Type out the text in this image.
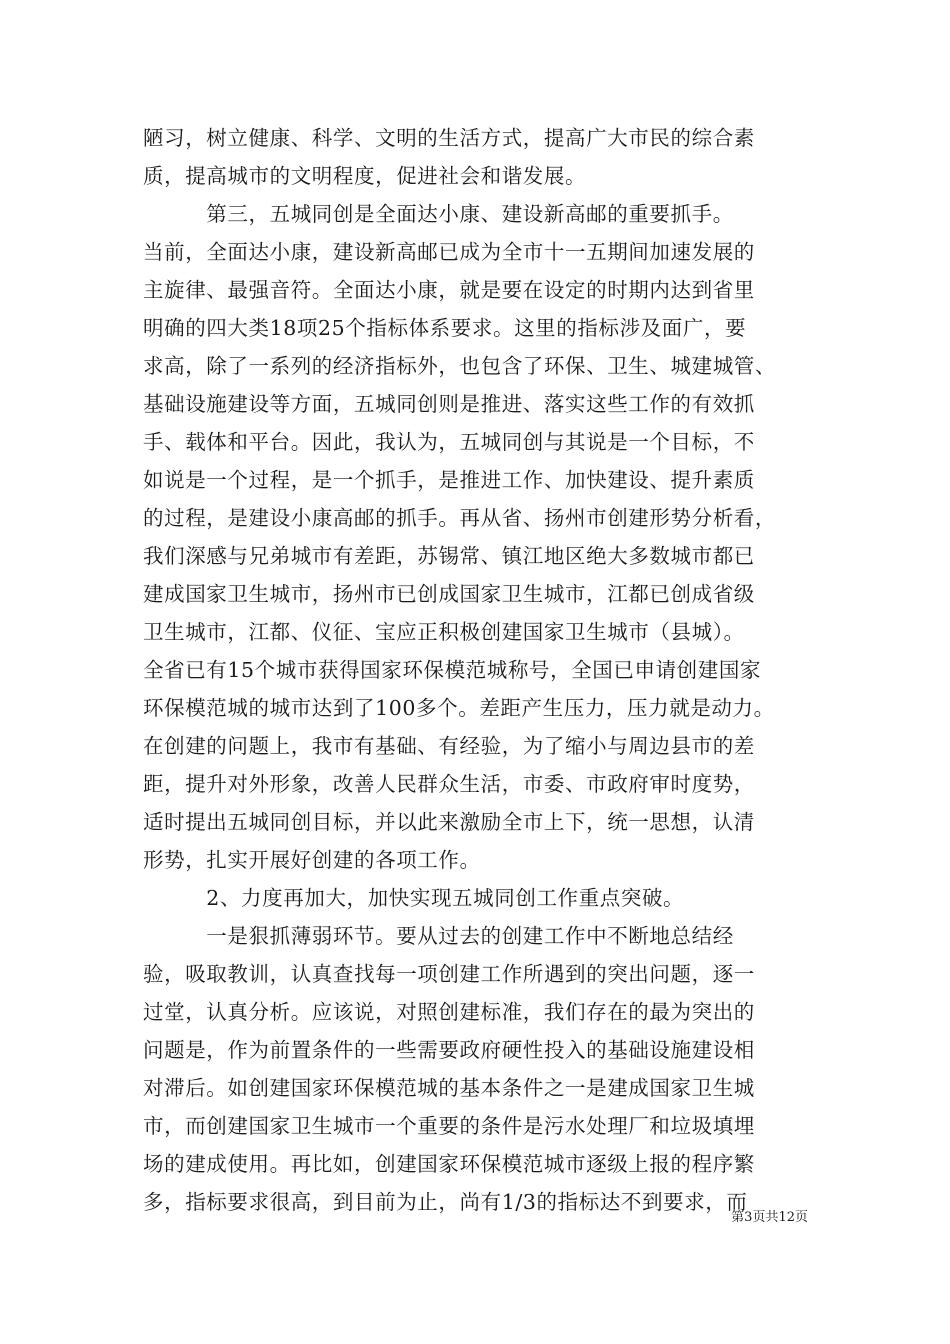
陋习，树立健康、科学、文明的生活方式，提高广大市民的综合素
质，提高城市的文明程度，促进社会和谐发展。
　　　第三，五城同创是全面达小康、建设新高邮的重要抓手。
当前，全面达小康，建设新高邮已成为全市十一五期间加速发展的
主旋律、最强音符。全面达小康，就是要在设定的时期内达到省里
明确的四大类18项25个指标体系要求。这里的指标涉及面广，要
求高，除了一系列的经济指标外，也包含了环保、卫生、城建城管、
基础设施建设等方面，五城同创则是推进、落实这些工作的有效抓
手、载体和平台。因此，我认为，五城同创与其说是一个目标，不
如说是一个过程，是一个抓手，是推进工作、加快建设、提升素质
的过程，是建设小康高邮的抓手。再从省、扬州市创建形势分析看，
我们深感与兄弟城市有差距，苏锡常、镇江地区绝大多数城市都已
建成国家卫生城市，扬州市已创成国家卫生城市，江都已创成省级
卫生城市，江都、仪征、宝应正积极创建国家卫生城市（县城）。
全省已有15个城市获得国家环保模范城称号，全国已申请创建国家
环保模范城的城市达到了100多个。差距产生压力，压力就是动力。
在创建的问题上，我市有基础、有经验，为了缩小与周边县市的差
距，提升对外形象，改善人民群众生活，市委、市政府审时度势，
适时提出五城同创目标，并以此来激励全市上下，统一思想，认清
形势，扎实开展好创建的各项工作。
　　　2、力度再加大，加快实现五城同创工作重点突破。
　　　一是狠抓薄弱环节。要从过去的创建工作中不断地总结经
验，吸取教训，认真查找每一项创建工作所遇到的突出问题，逐一
过堂，认真分析。应该说，对照创建标准，我们存在的最为突出的
问题是，作为前置条件的一些需要政府硬性投入的基础设施建设相
对滞后。如创建国家环保模范城的基本条件之一是建成国家卫生城
市，而创建国家卫生城市一个重要的条件是污水处理厂和垃圾填埋
场的建成使用。再比如，创建国家环保模范城市逐级上报的程序繁
多，指标要求很高，到目前为止，尚有1/3的指标达不到要求，而
第3页共12页
